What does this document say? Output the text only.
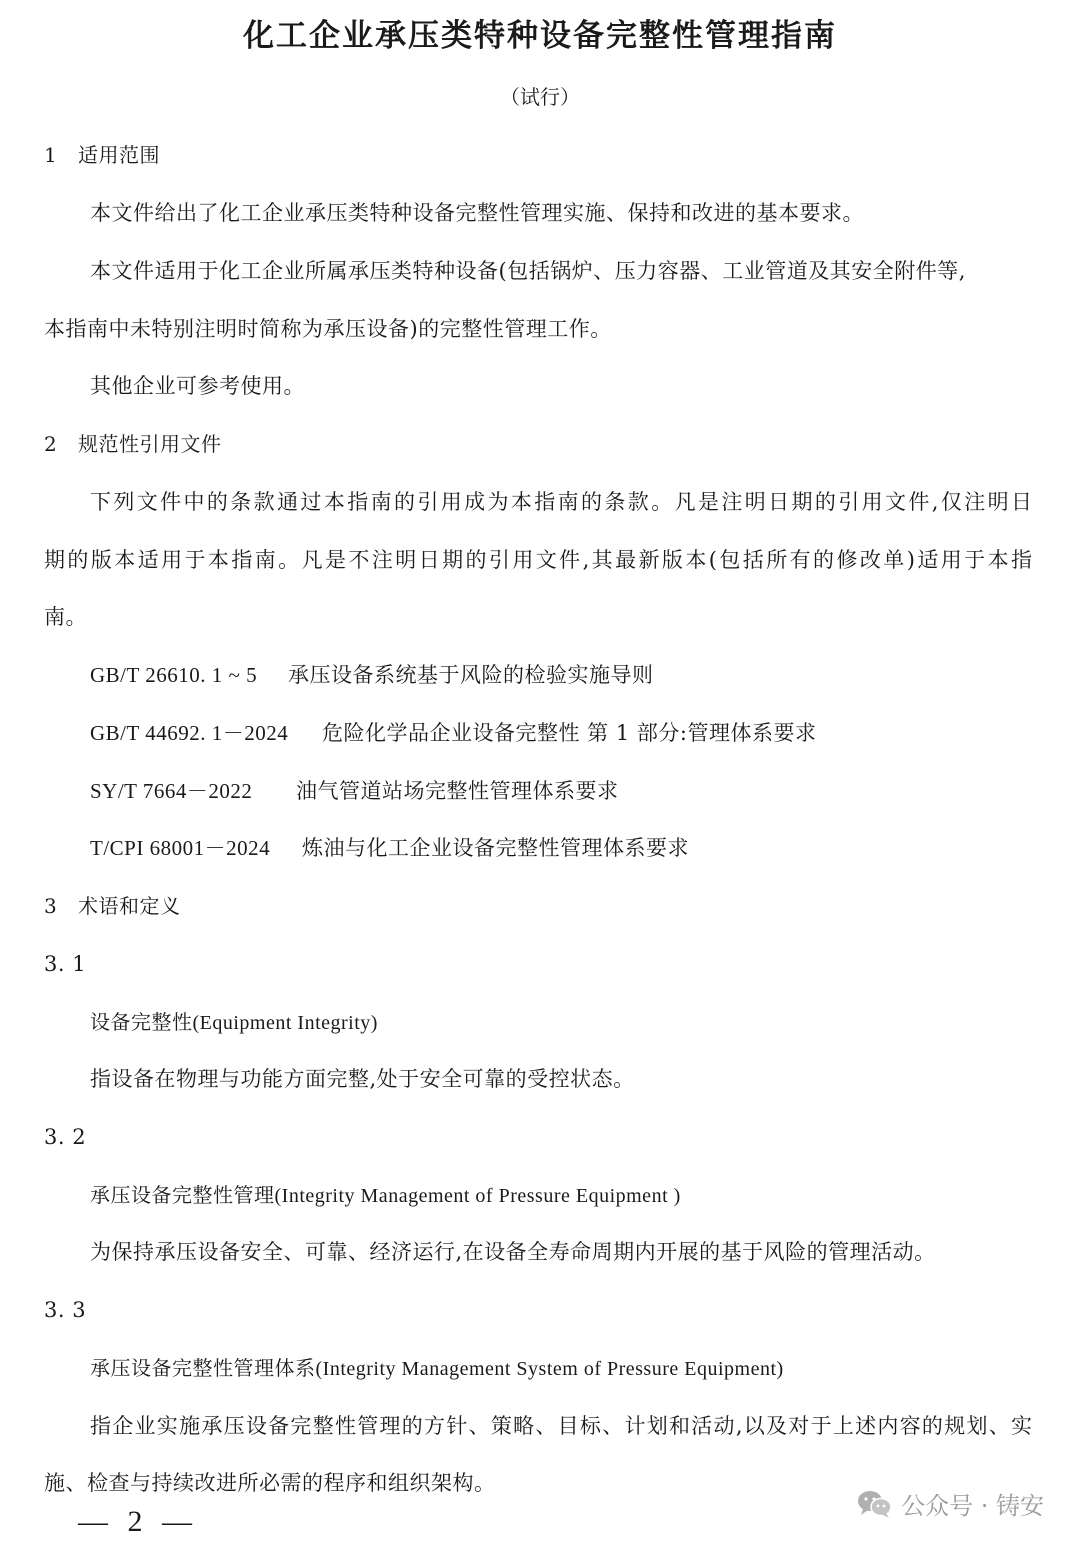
化工企业承压类特种设备完整性管理指南
（试行）
1 适用范围
本文件给出了化工企业承压类特种设备完整性管理实施、保持和改进的基本要求。
本文件适用于化工企业所属承压类特种设备(包括锅炉、压力容器、工业管道及其安全附件等,
本指南中未特别注明时简称为承压设备)的完整性管理工作。
其他企业可参考使用。
2 规范性引用文件
下列文件中的条款通过本指南的引用成为本指南的条款。凡是注明日期的引用文件,仅注明日
期的版本适用于本指南。凡是不注明日期的引用文件,其最新版本(包括所有的修改单)适用于本指
南。
GB/T 26610. 1 ~ 5 承压设备系统基于风险的检验实施导则
GB/T 44692. 1－2024 危险化学品企业设备完整性 第 1 部分:管理体系要求
SY/T 7664－2022 油气管道站场完整性管理体系要求
T/CPI 68001－2024 炼油与化工企业设备完整性管理体系要求
3 术语和定义
3. 1
设备完整性(Equipment Integrity)
指设备在物理与功能方面完整,处于安全可靠的受控状态。
3. 2
承压设备完整性管理(Integrity Management of Pressure Equipment )
为保持承压设备安全、可靠、经济运行,在设备全寿命周期内开展的基于风险的管理活动。
3. 3
承压设备完整性管理体系(Integrity Management System of Pressure Equipment)
指企业实施承压设备完整性管理的方针、策略、目标、计划和活动,以及对于上述内容的规划、实
施、检查与持续改进所必需的程序和组织架构。
— 2 —	公众号 · 铸安
